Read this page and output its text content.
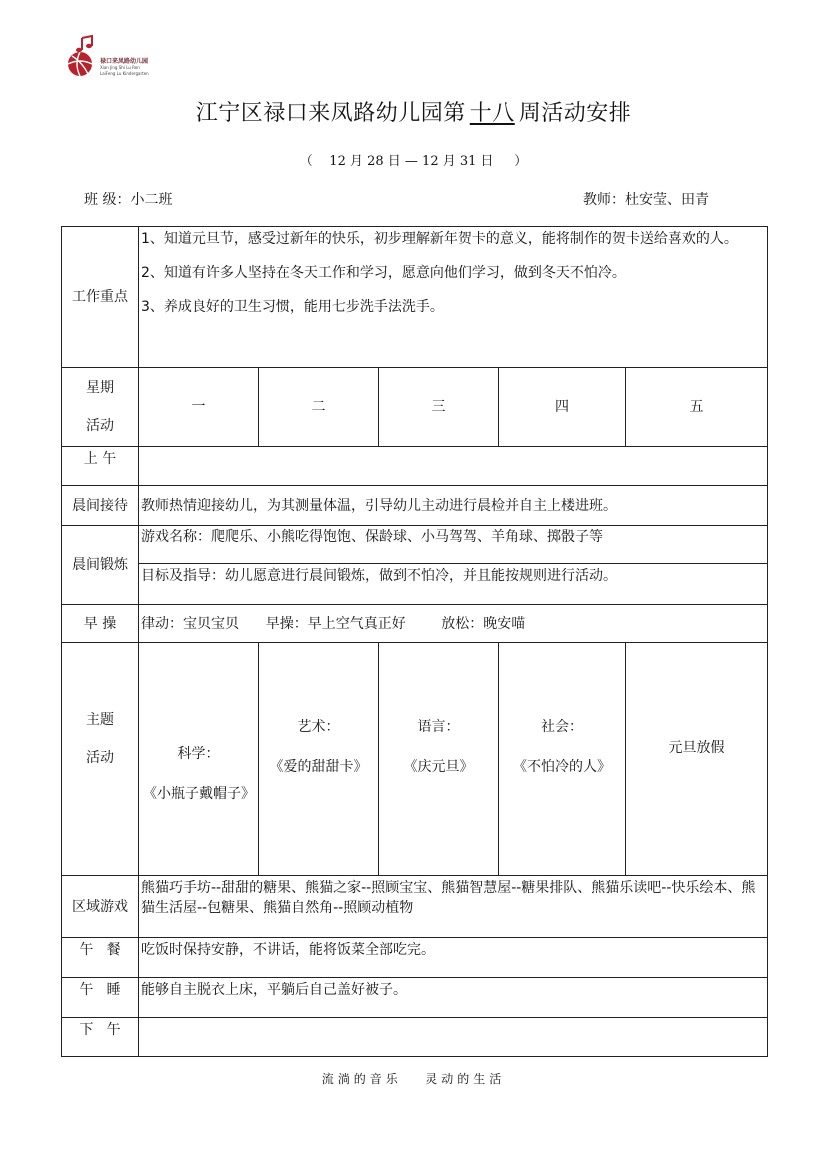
禄口来凤路幼儿园
Xian Jing Shi Lu Ren
LaiFeng Lu Kindergarten
江宁区禄口来凤路幼儿园第 十八 周活动安排
（    12 月 28 日 — 12 月 31 日     ）
班 级：小二班	教师：杜安莹、田青
工作重点	1、知道元旦节，感受过新年的快乐，初步理解新年贺卡的意义，能将制作的贺卡送给喜欢的人。

2、知道有许多人坚持在冬天工作和学习，愿意向他们学习，做到冬天不怕冷。

3、养成良好的卫生习惯，能用七步洗手法洗手。				

星期
活动	一	二	三	四	五
上 午					
晨间接待	教师热情迎接幼儿，为其测量体温，引导幼儿主动进行晨检并自主上楼进班。				
晨间锻炼	游戏名称：爬爬乐、小熊吃得饱饱、保龄球、小马驾驾、羊角球、掷骰子等				
	目标及指导：幼儿愿意进行晨间锻炼，做到不怕冷，并且能按规则进行活动。				
早 操	律动：宝贝宝贝      早操：早上空气真正好        放松：晚安喵				

主题
活动	科学：
《小瓶子戴帽子》	艺术：
《爱的甜甜卡》	语言：
《庆元旦》	社会：
《不怕冷的人》	元旦放假
区域游戏	熊猫巧手坊--甜甜的糖果、熊猫之家--照顾宝宝、熊猫智慧屋--糖果排队、熊猫乐读吧--快乐绘本、熊猫生活屋--包糖果、熊猫自然角--照顾动植物				
午   餐	吃饭时保持安静，不讲话，能将饭菜全部吃完。				
午   睡	能够自主脱衣上床，平躺后自己盖好被子。				
下   午					
流淌的音乐   灵动的生活
